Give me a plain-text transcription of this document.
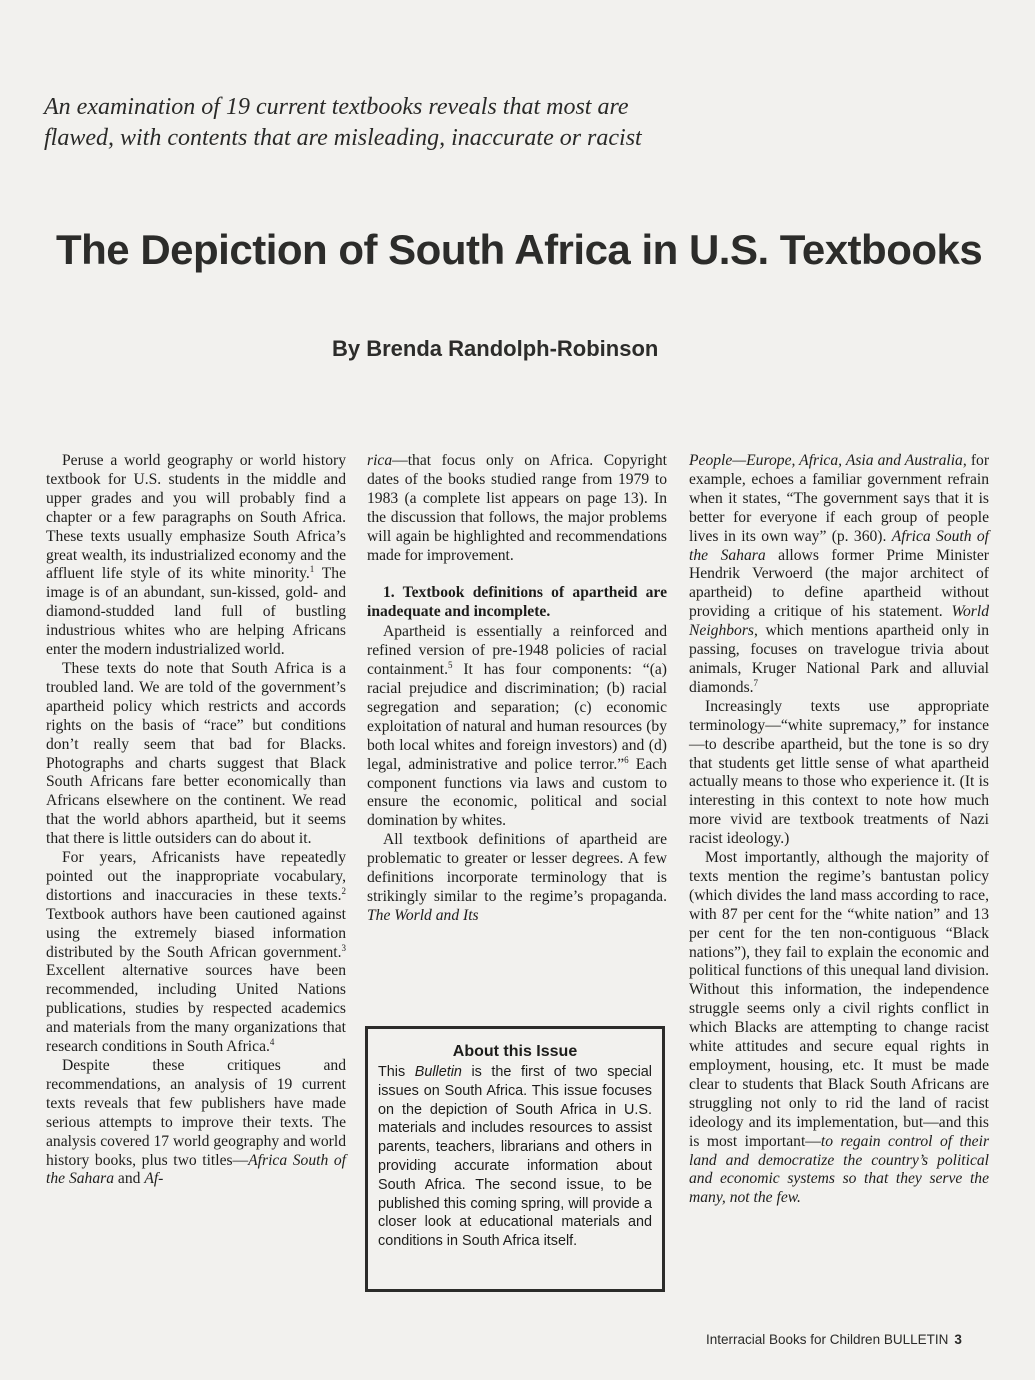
An examination of 19 current textbooks reveals that most are
flawed, with contents that are misleading, inaccurate or racist
The Depiction of South Africa in U.S. Textbooks
By Brenda Randolph-Robinson

Peruse a world geography or world history textbook for U.S. students in the middle and upper grades and you will probably find a chapter or a few paragraphs on South Africa. These texts usually emphasize South Africa’s great wealth, its industrialized economy and the affluent life style of its white minority.$^1$ The image is of an abundant, sun-kissed, gold- and diamond-studded land full of bustling industrious whites who are helping Africans enter the modern industrialized world.

These texts do note that South Africa is a troubled land. We are told of the government’s apartheid policy which restricts and accords rights on the basis of “race” but conditions don’t really seem that bad for Blacks. Photographs and charts suggest that Black South Africans fare better economically than Africans elsewhere on the continent. We read that the world abhors apartheid, but it seems that there is little outsiders can do about it.

For years, Africanists have repeatedly pointed out the inappropriate vocabulary, distortions and inaccuracies in these texts.$^2$ Textbook authors have been cautioned against using the extremely biased information distributed by the South African government.$^3$ Excellent alternative sources have been recommended, including United Nations publications, studies by respected academics and materials from the many organizations that research conditions in South Africa.$^4$

Despite these critiques and recommendations, an analysis of 19 current texts reveals that few publishers have made serious attempts to improve their texts. The analysis covered 17 world geography and world history books, plus two titles—Africa South of the Sahara and Af-

rica—that focus only on Africa. Copyright dates of the books studied range from 1979 to 1983 (a complete list appears on page 13). In the discussion that follows, the major problems will again be highlighted and recommendations made for improvement.

1. Textbook definitions of apartheid are inadequate and incomplete.

Apartheid is essentially a reinforced and refined version of pre-1948 policies of racial containment.$^5$ It has four components: “(a) racial prejudice and discrimination; (b) racial segregation and separation; (c) economic exploitation of natural and human resources (by both local whites and foreign investors) and (d) legal, administrative and police terror.”$^6$ Each component functions via laws and custom to ensure the economic, political and social domination by whites.

All textbook definitions of apartheid are problematic to greater or lesser degrees. A few definitions incorporate terminology that is strikingly similar to the regime’s propaganda. The World and Its

About this Issue
This Bulletin is the first of two special issues on South Africa. This issue focuses on the depiction of South Africa in U.S. materials and includes resources to assist parents, teachers, librarians and others in providing accurate information about South Africa. The second issue, to be published this coming spring, will provide a closer look at educational materials and conditions in South Africa itself.

People—Europe, Africa, Asia and Australia, for example, echoes a familiar government refrain when it states, “The government says that it is better for everyone if each group of people lives in its own way” (p. 360). Africa South of the Sahara allows former Prime Minister Hendrik Verwoerd (the major architect of apartheid) to define apartheid without providing a critique of his statement. World Neighbors, which mentions apartheid only in passing, focuses on travelogue trivia about animals, Kruger National Park and alluvial diamonds.$^7$

Increasingly texts use appropriate terminology—“white supremacy,” for instance—to describe apartheid, but the tone is so dry that students get little sense of what apartheid actually means to those who experience it. (It is interesting in this context to note how much more vivid are textbook treatments of Nazi racist ideology.)

Most importantly, although the majority of texts mention the regime’s bantustan policy (which divides the land mass according to race, with 87 per cent for the “white nation” and 13 per cent for the ten non-contiguous “Black nations”), they fail to explain the economic and political functions of this unequal land division. Without this information, the independence struggle seems only a civil rights conflict in which Blacks are attempting to change racist white attitudes and secure equal rights in employment, housing, etc. It must be made clear to students that Black South Africans are struggling not only to rid the land of racist ideology and its implementation, but—and this is most important—to regain control of their land and democratize the country’s political and economic systems so that they serve the many, not the few.

Interracial Books for Children BULLETIN 3
